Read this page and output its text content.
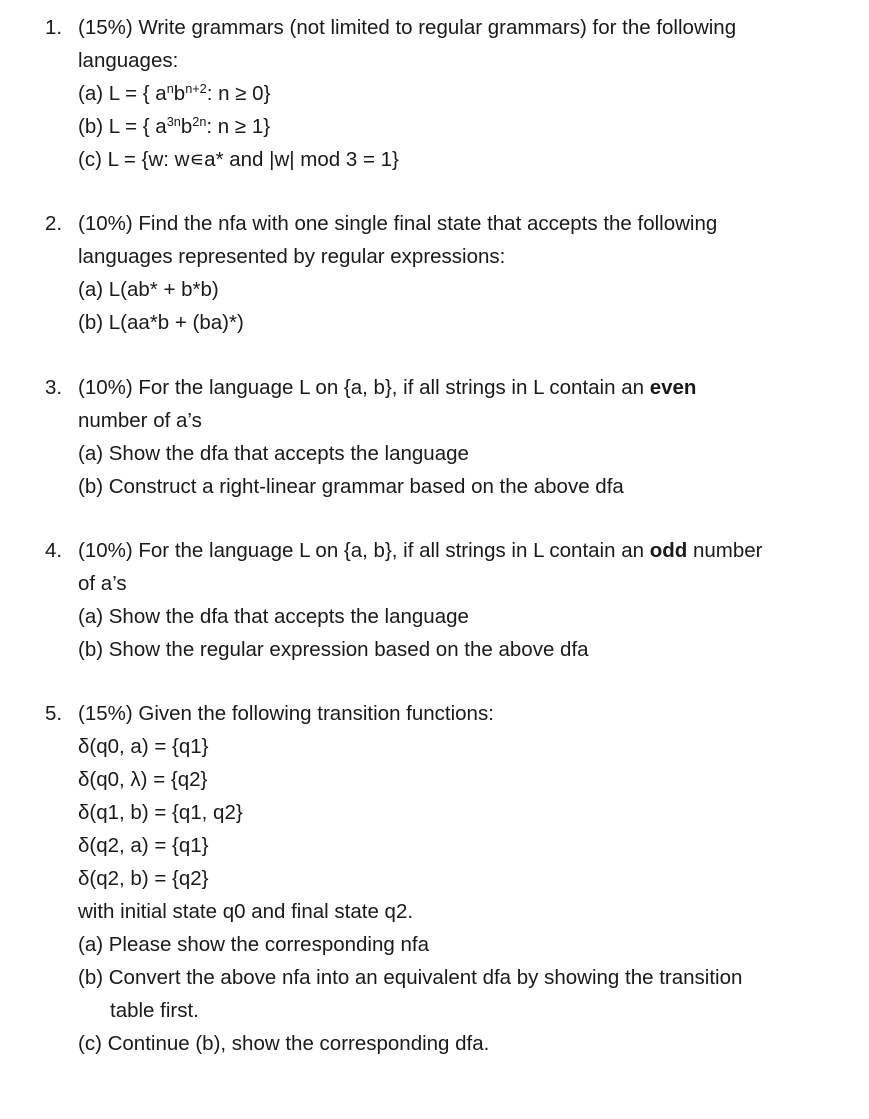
1. (15%) Write grammars (not limited to regular grammars) for the following
languages:
(a) L = { $a^nb^{n+2}$: n ≥ 0}
(b) L = { $a^{3n}b^{2n}$: n ≥ 1}
(c) L = {w: w∊a* and |w| mod 3 = 1}
2. (10%) Find the nfa with one single final state that accepts the following
languages represented by regular expressions:
(a) L(ab* + b*b)
(b) L(aa*b + (ba)*)
3. (10%) For the language L on {a, b}, if all strings in L contain an even
number of a’s
(a) Show the dfa that accepts the language
(b) Construct a right-linear grammar based on the above dfa
4. (10%) For the language L on {a, b}, if all strings in L contain an odd number
of a’s
(a) Show the dfa that accepts the language
(b) Show the regular expression based on the above dfa
5. (15%) Given the following transition functions:
δ(q0, a) = {q1}
δ(q0, λ) = {q2}
δ(q1, b) = {q1, q2}
δ(q2, a) = {q1}
δ(q2, b) = {q2}
with initial state q0 and final state q2.
(a) Please show the corresponding nfa
(b) Convert the above nfa into an equivalent dfa by showing the transition
table first.
(c) Continue (b), show the corresponding dfa.
